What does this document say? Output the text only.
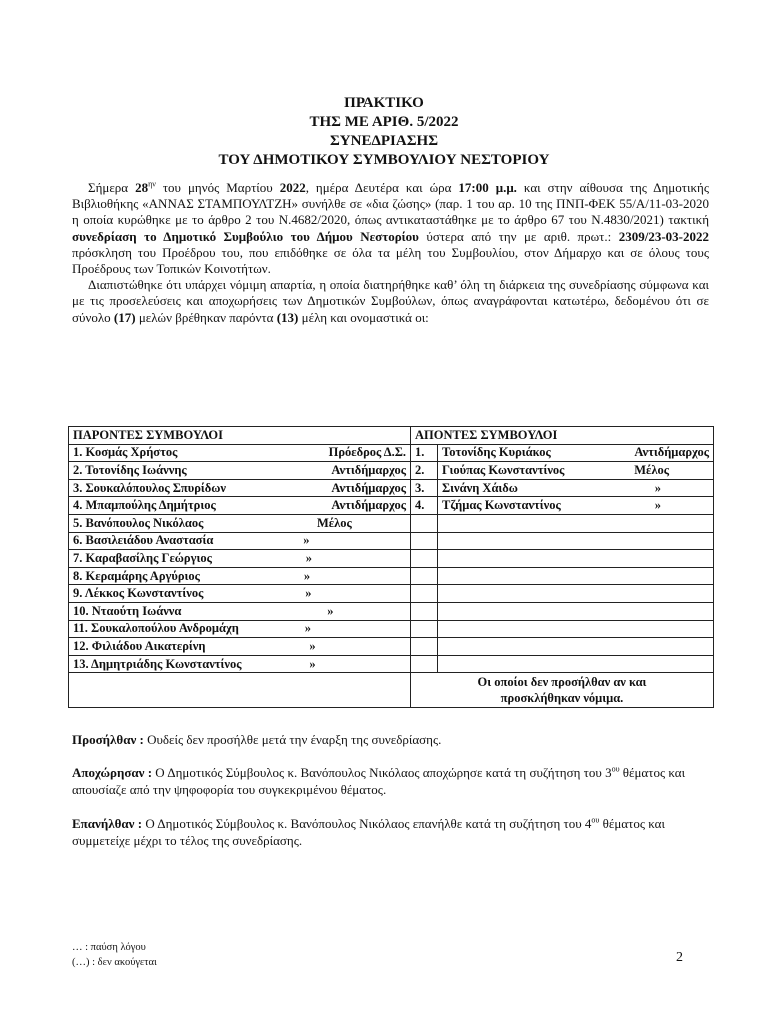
ΠΡΑΚΤΙΚΟ
ΤΗΣ ΜΕ ΑΡΙΘ. 5/2022
ΣΥΝΕΔΡΙΑΣΗΣ
ΤΟΥ ΔΗΜΟΤΙΚΟΥ ΣΥΜΒΟΥΛΙΟΥ ΝΕΣΤΟΡΙΟΥ

Σήμερα $28^{\eta\nu}$ του μηνός Μαρτίου 2022, ημέρα Δευτέρα και ώρα 17:00 μ.μ. και στην αίθουσα της Δημοτικής Βιβλιοθήκης «ΑΝΝΑΣ ΣΤΑΜΠΟΥΛΤΖΗ» συνήλθε σε «δια ζώσης» (παρ. 1 του αρ. 10 της ΠΝΠ-ΦΕΚ 55/Α/11-03-2020 η οποία κυρώθηκε με το άρθρο 2 του Ν.4682/2020, όπως αντικαταστάθηκε με το άρθρο 67 του Ν.4830/2021) τακτική συνεδρίαση το Δημοτικό Συμβούλιο του Δήμου Νεστορίου ύστερα από την με αριθ. πρωτ.: 2309/23-03-2022 πρόσκληση του Προέδρου του, που επιδόθηκε σε όλα τα μέλη του Συμβουλίου, στον Δήμαρχο και σε όλους τους Προέδρους των Τοπικών Κοινοτήτων.

Διαπιστώθηκε ότι υπάρχει νόμιμη απαρτία, η οποία διατηρήθηκε καθ’ όλη τη διάρκεια της συνεδρίασης σύμφωνα και με τις προσελεύσεις και αποχωρήσεις των Δημοτικών Συμβούλων, όπως αναγράφονται κατωτέρω, δεδομένου ότι σε σύνολο (17) μελών βρέθηκαν παρόντα (13) μέλη και ονομαστικά οι:

ΠΑΡΟΝΤΕΣ ΣΥΜΒΟΥΛΟΙ	ΑΠΟΝΤΕΣ ΣΥΜΒΟΥΛΟΙ	

1. Κοσμάς Χρήστος Πρόεδρος Δ.Σ.	1.	Τοτονίδης Κυριάκος Αντιδήμαρχος

2. Τοτονίδης Ιωάννης Αντιδήμαρχος	2.	Γιούπας Κωνσταντίνος Μέλος

3. Σουκαλόπουλος Σπυρίδων Αντιδήμαρχος	3.	Σινάνη Χάιδω »

4. Μπαμπούλης Δημήτριος Αντιδήμαρχος	4.	Τζήμας Κωνσταντίνος »

5. Βανόπουλος Νικόλαος Μέλος		
6. Βασιλειάδου Αναστασία »		
7. Καραβασίλης Γεώργιος »		
8. Κεραμάρης Αργύριος »		
9. Λέκκος Κωνσταντίνος »		
10. Νταούτη Ιωάννα »		
11. Σουκαλοπούλου Ανδρομάχη »		
12. Φιλιάδου Αικατερίνη »		
13. Δημητριάδης Κωνσταντίνος »		

	Οι οποίοι δεν προσήλθαν αν και
προσκλήθηκαν νόμιμα.	
Προσήλθαν : Ουδείς δεν προσήλθε μετά την έναρξη της συνεδρίασης.
Αποχώρησαν : Ο Δημοτικός Σύμβουλος κ. Βανόπουλος Νικόλαος αποχώρησε κατά τη συζήτηση του $3^{o\upsilon}$ θέματος και απουσίαζε από την ψηφοφορία του συγκεκριμένου θέματος.
Επανήλθαν : Ο Δημοτικός Σύμβουλος κ. Βανόπουλος Νικόλαος επανήλθε κατά τη συζήτηση του $4^{o\upsilon}$ θέματος και συμμετείχε μέχρι το τέλος της συνεδρίασης.
… : παύση λόγου
(…) : δεν ακούγεται	2
